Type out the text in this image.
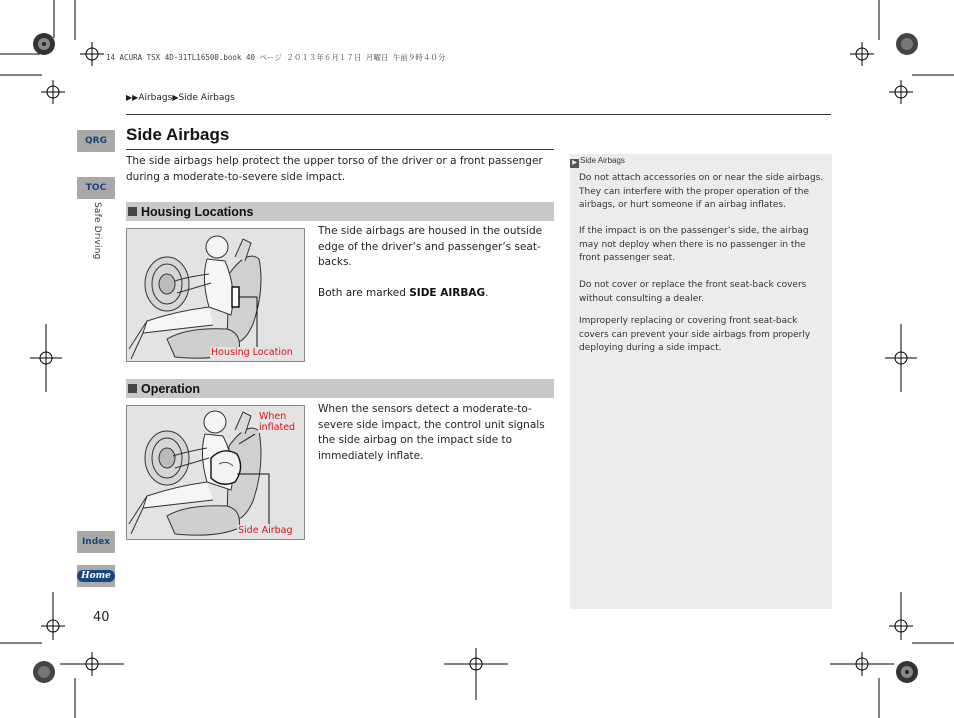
14 ACURA TSX 4D-31TL16500.book 40 ページ ２０１３年６月１７日 月曜日 午前９時４０分
▶▶Airbags▶Side Airbags
QRG
TOC
Safe Driving
Index
Home
40
Side Airbags
The side airbags help protect the upper torso of the driver or a front passenger during a moderate-to-severe side impact.
Housing Locations
Housing Location
The side airbags are housed in the outside edge of the driver’s and passenger’s seat-backs.
Both are marked SIDE AIRBAG.
Operation
When
inflated
Side Airbag
When the sensors detect a moderate-to-severe side impact, the control unit signals the side airbag on the impact side to immediately inflate.
▶ Side Airbags
Do not attach accessories on or near the side airbags. They can interfere with the proper operation of the airbags, or hurt someone if an airbag inflates.
If the impact is on the passenger’s side, the airbag may not deploy when there is no passenger in the front passenger seat.
Do not cover or replace the front seat-back covers without consulting a dealer.
Improperly replacing or covering front seat-back covers can prevent your side airbags from properly deploying during a side impact.
